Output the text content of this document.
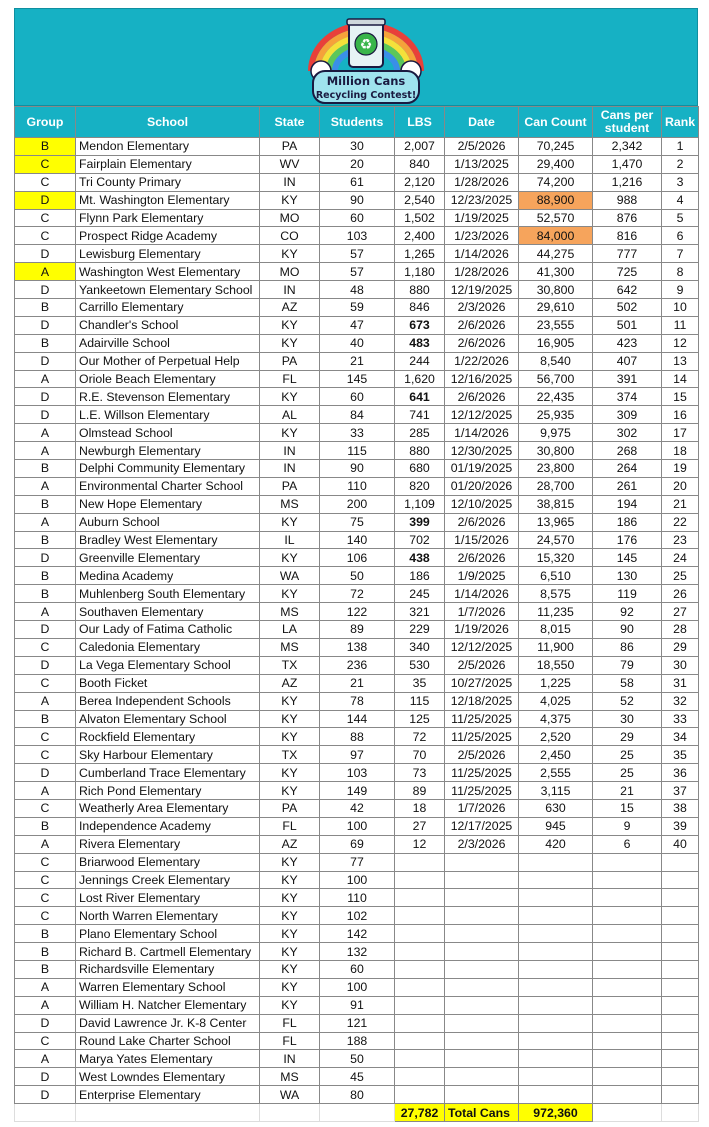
♻
Million Cans
Recycling Contest!
Group	School	State	Students	LBS	Date	Can Count	Cans per student	Rank
B	Mendon Elementary	PA	30	2,007	2/5/2026	70,245	2,342	1
C	Fairplain Elementary	WV	20	840	1/13/2025	29,400	1,470	2
C	Tri County Primary	IN	61	2,120	1/28/2026	74,200	1,216	3
D	Mt. Washington Elementary	KY	90	2,540	12/23/2025	88,900	988	4
C	Flynn Park Elementary	MO	60	1,502	1/19/2025	52,570	876	5
C	Prospect Ridge Academy	CO	103	2,400	1/23/2026	84,000	816	6
D	Lewisburg Elementary	KY	57	1,265	1/14/2026	44,275	777	7
A	Washington West Elementary	MO	57	1,180	1/28/2026	41,300	725	8
D	Yankeetown Elementary School	IN	48	880	12/19/2025	30,800	642	9
B	Carrillo Elementary	AZ	59	846	2/3/2026	29,610	502	10
D	Chandler's School	KY	47	673	2/6/2026	23,555	501	11
B	Adairville School	KY	40	483	2/6/2026	16,905	423	12
D	Our Mother of Perpetual Help	PA	21	244	1/22/2026	8,540	407	13
A	Oriole Beach Elementary	FL	145	1,620	12/16/2025	56,700	391	14
D	R.E. Stevenson Elementary	KY	60	641	2/6/2026	22,435	374	15
D	L.E. Willson Elementary	AL	84	741	12/12/2025	25,935	309	16
A	Olmstead School	KY	33	285	1/14/2026	9,975	302	17
A	Newburgh Elementary	IN	115	880	12/30/2025	30,800	268	18
B	Delphi Community Elementary	IN	90	680	01/19/2025	23,800	264	19
A	Environmental Charter School	PA	110	820	01/20/2026	28,700	261	20
B	New Hope Elementary	MS	200	1,109	12/10/2025	38,815	194	21
A	Auburn School	KY	75	399	2/6/2026	13,965	186	22
B	Bradley West Elementary	IL	140	702	1/15/2026	24,570	176	23
D	Greenville Elementary	KY	106	438	2/6/2026	15,320	145	24
B	Medina Academy	WA	50	186	1/9/2025	6,510	130	25
B	Muhlenberg South Elementary	KY	72	245	1/14/2026	8,575	119	26
A	Southaven Elementary	MS	122	321	1/7/2026	11,235	92	27
D	Our Lady of Fatima Catholic	LA	89	229	1/19/2026	8,015	90	28
C	Caledonia Elementary	MS	138	340	12/12/2025	11,900	86	29
D	La Vega Elementary School	TX	236	530	2/5/2026	18,550	79	30
C	Booth Ficket	AZ	21	35	10/27/2025	1,225	58	31
A	Berea Independent Schools	KY	78	115	12/18/2025	4,025	52	32
B	Alvaton Elementary School	KY	144	125	11/25/2025	4,375	30	33
C	Rockfield Elementary	KY	88	72	11/25/2025	2,520	29	34
C	Sky Harbour Elementary	TX	97	70	2/5/2026	2,450	25	35
D	Cumberland Trace Elementary	KY	103	73	11/25/2025	2,555	25	36
A	Rich Pond Elementary	KY	149	89	11/25/2025	3,115	21	37
C	Weatherly Area Elementary	PA	42	18	1/7/2026	630	15	38
B	Independence Academy	FL	100	27	12/17/2025	945	9	39
A	Rivera Elementary	AZ	69	12	2/3/2026	420	6	40
C	Briarwood Elementary	KY	77					
C	Jennings Creek Elementary	KY	100					
C	Lost River Elementary	KY	110					
C	North Warren Elementary	KY	102					
B	Plano Elementary School	KY	142					
B	Richard B. Cartmell Elementary	KY	132					
B	Richardsville Elementary	KY	60					
A	Warren Elementary School	KY	100					
A	William H. Natcher Elementary	KY	91					
D	David Lawrence Jr. K-8 Center	FL	121					
C	Round Lake Charter School	FL	188					
A	Marya Yates Elementary	IN	50					
D	West Lowndes Elementary	MS	45					
D	Enterprise Elementary	WA	80					
				27,782	Total Cans	972,360		
